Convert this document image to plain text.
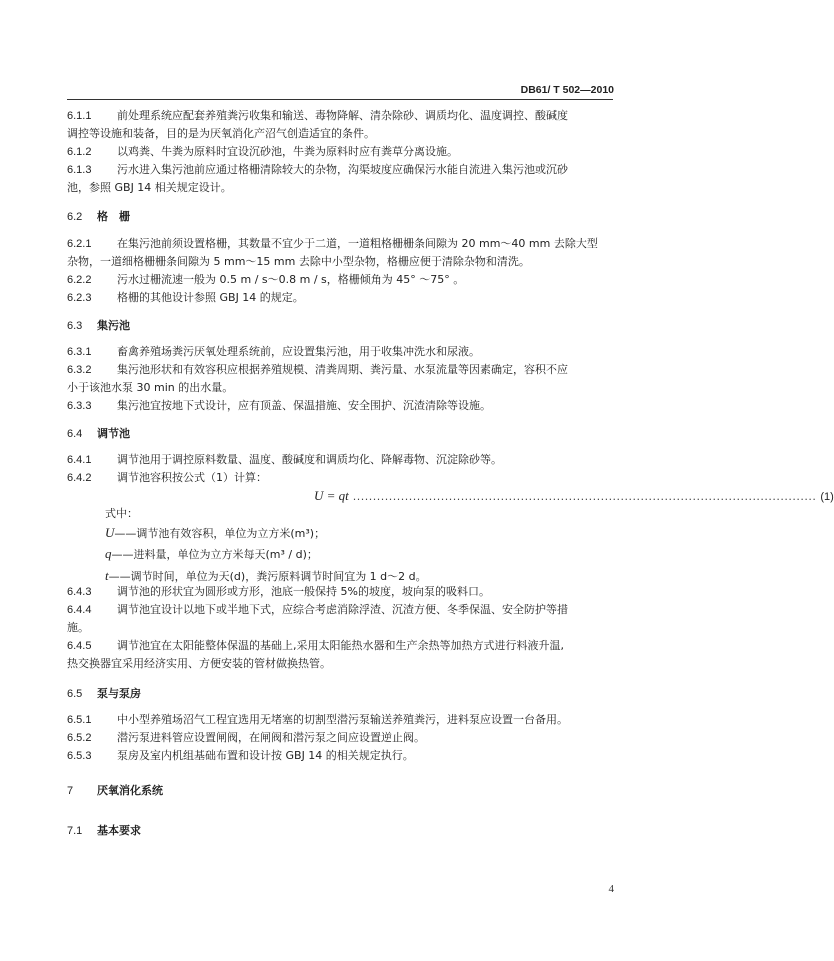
DB61/ T 502—2010
6.1.1 前处理系统应配套养殖粪污收集和输送、毒物降解、清杂除砂、调质均化、温度调控、酸碱度
调控等设施和装备，目的是为厌氧消化产沼气创造适宜的条件。
6.1.2 以鸡粪、牛粪为原料时宜设沉砂池，牛粪为原料时应有粪草分离设施。
6.1.3 污水进入集污池前应通过格栅清除较大的杂物，沟渠坡度应确保污水能自流进入集污池或沉砂
池，参照 GBJ 14 相关规定设计。
6.2 格　栅
6.2.1 在集污池前须设置格栅，其数量不宜少于二道，一道粗格栅栅条间隙为 20 mm～40 mm 去除大型
杂物，一道细格栅栅条间隙为 5 mm～15 mm 去除中小型杂物，格栅应便于清除杂物和清洗。
6.2.2 污水过栅流速一般为 0.5 m / s～0.8 m / s，格栅倾角为 45° ～75° 。
6.2.3 格栅的其他设计参照 GBJ 14 的规定。
6.3 集污池
6.3.1 畜禽养殖场粪污厌氧处理系统前，应设置集污池，用于收集冲洗水和尿液。
6.3.2 集污池形状和有效容积应根据养殖规模、清粪周期、粪污量、水泵流量等因素确定，容积不应
小于该池水泵 30 min 的出水量。
6.3.3 集污池宜按地下式设计，应有顶盖、保温措施、安全围护、沉渣清除等设施。
6.4 调节池
6.4.1 调节池用于调控原料数量、温度、酸碱度和调质均化、降解毒物、沉淀除砂等。
6.4.2 调节池容积按公式（1）计算：
U = qt .................................................................................................................... (1)
式中：
U——调节池有效容积，单位为立方米(m³)；
q——进料量，单位为立方米每天(m³ / d)；
t——调节时间，单位为天(d)，粪污原料调节时间宜为 1 d～2 d。
6.4.3 调节池的形状宜为圆形或方形，池底一般保持 5%的坡度，坡向泵的吸料口。
6.4.4 调节池宜设计以地下或半地下式，应综合考虑消除浮渣、沉渣方便、冬季保温、安全防护等措
施。
6.4.5 调节池宜在太阳能整体保温的基础上,采用太阳能热水器和生产余热等加热方式进行料液升温,
热交换器宜采用经济实用、方便安装的管材做换热管。
6.5 泵与泵房
6.5.1 中小型养殖场沼气工程宜选用无堵塞的切割型潜污泵输送养殖粪污，进料泵应设置一台备用。
6.5.2 潜污泵进料管应设置闸阀，在闸阀和潜污泵之间应设置逆止阀。
6.5.3 泵房及室内机组基础布置和设计按 GBJ 14 的相关规定执行。
7 厌氧消化系统
7.1 基本要求
4
